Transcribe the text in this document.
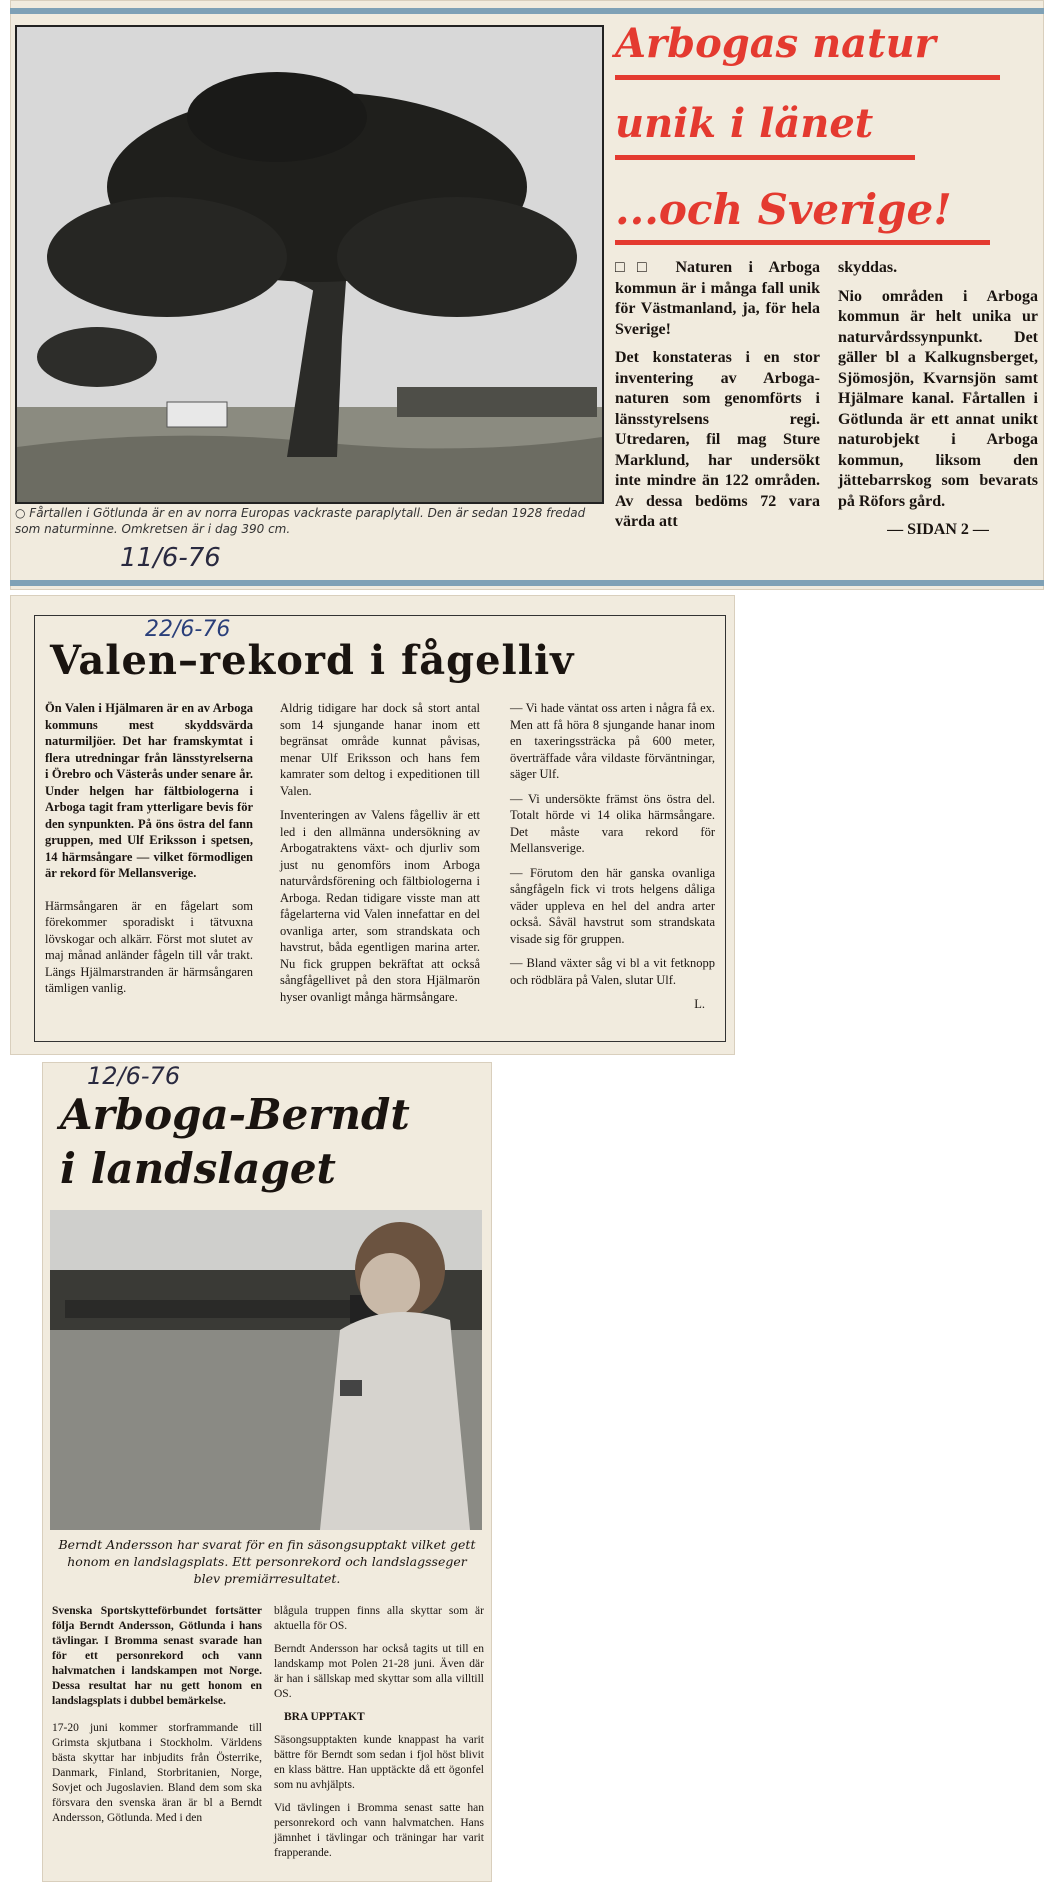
○ Fårtallen i Götlunda är en av norra Europas vackraste paraplytall. Den är sedan 1928 fredad som naturminne. Omkretsen är i dag 390 cm.
11/6-76
Arbogas natur
unik i länet
...och Sverige!

□□ Naturen i Arboga kommun är i många fall unik för Västmanland, ja, för hela Sverige!

Det konstateras i en stor inventering av Arboga-naturen som genomförts i länsstyrelsens regi. Utredaren, fil mag Sture Marklund, har undersökt inte mindre än 122 områden. Av dessa bedöms 72 vara värda att

skyddas.

Nio områden i Arboga kommun är helt unika ur naturvårdssynpunkt. Det gäller bl a Kalkugnsberget, Sjömosjön, Kvarnsjön samt Hjälmare kanal. Fårtallen i Götlunda är ett annat unikt naturobjekt i Arboga kommun, liksom den jättebarrskog som bevarats på Röfors gård.

— SIDAN 2 —

22/6-76
Valen–rekord i fågelliv

Ön Valen i Hjälmaren är en av Arboga kommuns mest skyddsvärda naturmiljöer. Det har framskymtat i flera utredningar från länsstyrelserna i Örebro och Västerås under senare år. Under helgen har fältbiologerna i Arboga tagit fram ytterligare bevis för den synpunkten. På öns östra del fann gruppen, med Ulf Eriksson i spetsen, 14 härmsångare — vilket förmodligen är rekord för Mellansverige.

Härmsångaren är en fågelart som förekommer sporadiskt i tätvuxna lövskogar och alkärr. Först mot slutet av maj månad anländer fågeln till vår trakt. Längs Hjälmarstranden är härmsångaren tämligen vanlig.

Aldrig tidigare har dock så stort antal som 14 sjungande hanar inom ett begränsat område kunnat påvisas, menar Ulf Eriksson och hans fem kamrater som deltog i expeditionen till Valen.

Inventeringen av Valens fågelliv är ett led i den allmänna undersökning av Arbogatraktens växt- och djurliv som just nu genomförs inom Arboga naturvårdsförening och fältbiologerna i Arboga. Redan tidigare visste man att fågelarterna vid Valen innefattar en del ovanliga arter, som strandskata och havstrut, båda egentligen marina arter. Nu fick gruppen bekräftat att också sångfågellivet på den stora Hjälmarön hyser ovanligt många härmsångare.

— Vi hade väntat oss arten i några få ex. Men att få höra 8 sjungande hanar inom en taxeringssträcka på 600 meter, överträffade våra vildaste förväntningar, säger Ulf.

— Vi undersökte främst öns östra del. Totalt hörde vi 14 olika härmsångare. Det måste vara rekord för Mellansverige.

— Förutom den här ganska ovanliga sångfågeln fick vi trots helgens dåliga väder uppleva en hel del andra arter också. Såväl havstrut som strandskata visade sig för gruppen.

— Bland växter såg vi bl a vit fetknopp och rödblära på Valen, slutar Ulf.

L.

12/6-76
Arboga-Berndt
i landslaget
Berndt Andersson har svarat för en fin säsongsupptakt vilket gett honom en landslagsplats. Ett personrekord och landslagsseger blev premiärresultatet.

Svenska Sportskytteförbundet fortsätter följa Berndt Andersson, Götlunda i hans tävlingar. I Bromma senast svarade han för ett personrekord och vann halvmatchen i landskampen mot Norge. Dessa resultat har nu gett honom en landslagsplats i dubbel bemärkelse.

17-20 juni kommer storframmande till Grimsta skjutbana i Stockholm. Världens bästa skyttar har inbjudits från Österrike, Danmark, Finland, Storbritanien, Norge, Sovjet och Jugoslavien. Bland dem som ska försvara den svenska äran är bl a Berndt Andersson, Götlunda. Med i den

blågula truppen finns alla skyttar som är aktuella för OS.

Berndt Andersson har också tagits ut till en landskamp mot Polen 21-28 juni. Även där är han i sällskap med skyttar som alla villtill OS.

BRA UPPTAKT

Säsongsupptakten kunde knappast ha varit bättre för Berndt som sedan i fjol höst blivit en klass bättre. Han upptäckte då ett ögonfel som nu avhjälpts.

Vid tävlingen i Bromma senast satte han personrekord och vann halvmatchen. Hans jämnhet i tävlingar och träningar har varit frapperande.
